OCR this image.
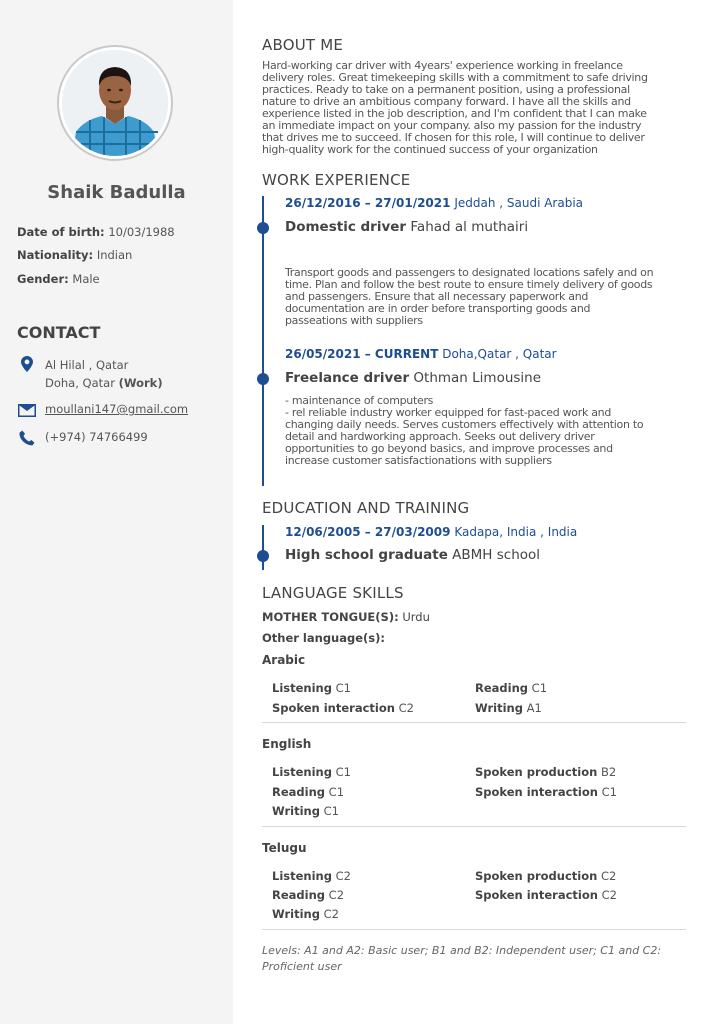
Shaik Badulla
Date of birth: 10/03/1988
Nationality: Indian
Gender: Male
CONTACT
Al Hilal , Qatar
Doha, Qatar (Work)
moullani147@gmail.com
(+974) 74766499
ABOUT ME
Hard-working car driver with 4years' experience working in freelance
delivery roles. Great timekeeping skills with a commitment to safe driving
practices. Ready to take on a permanent position, using a professional
nature to drive an ambitious company forward. I have all the skills and
experience listed in the job description, and I'm confident that I can make
an immediate impact on your company. also my passion for the industry
that drives me to succeed. If chosen for this role, I will continue to deliver
high-quality work for the continued success of your organization
WORK EXPERIENCE
26/12/2016 – 27/01/2021 Jeddah , Saudi Arabia
Domestic driver Fahad al muthairi
Transport goods and passengers to designated locations safely and on
time. Plan and follow the best route to ensure timely delivery of goods
and passengers. Ensure that all necessary paperwork and
documentation are in order before transporting goods and
passeations with suppliers
26/05/2021 – CURRENT Doha,Qatar , Qatar
Freelance driver Othman Limousine
- maintenance of computers
- rel reliable industry worker equipped for fast-paced work and
changing daily needs. Serves customers effectively with attention to
detail and hardworking approach. Seeks out delivery driver
opportunities to go beyond basics, and improve processes and
increase customer satisfactionations with suppliers
EDUCATION AND TRAINING
12/06/2005 – 27/03/2009 Kadapa, India , India
High school graduate ABMH school
LANGUAGE SKILLS
MOTHER TONGUE(S): Urdu
Other language(s):
Arabic
Listening C1	Reading C1
Spoken interaction C2	Writing A1
English
Listening C1	Spoken production B2
Reading C1	Spoken interaction C1
Writing C1
Telugu
Listening C2	Spoken production C2
Reading C2	Spoken interaction C2
Writing C2
Levels: A1 and A2: Basic user; B1 and B2: Independent user; C1 and C2: Proficient user
